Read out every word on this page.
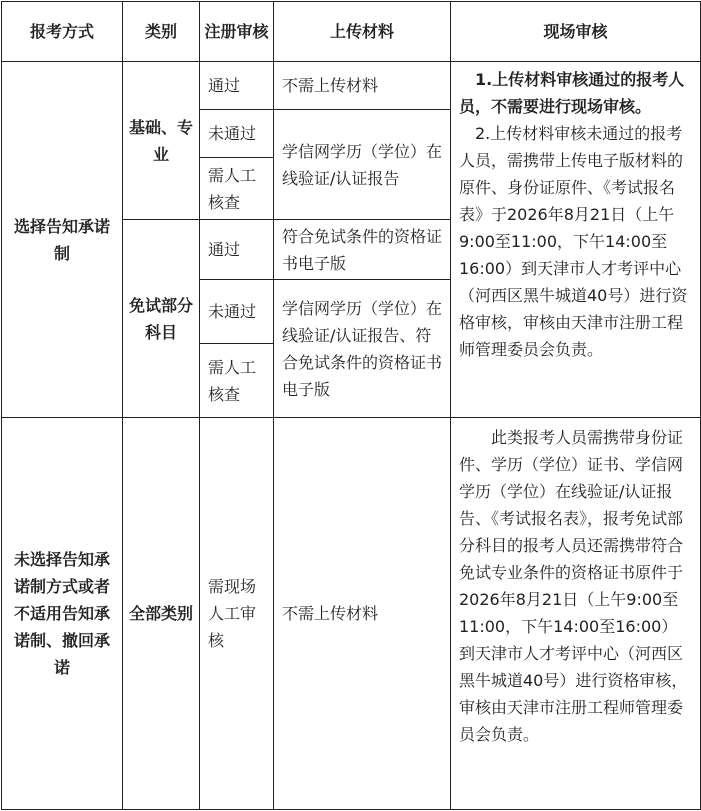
报考方式	类别	注册审核	上传材料	现场审核
选择告知承诺制	基础、专业	通过	不需上传材料	1.上传材料审核通过的报考人员，不需要进行现场审核。

2.上传材料审核未通过的报考人员，需携带上传电子版材料的原件、身份证原件、《考试报名表》于2026年8月21日（上午9:00至11:00，下午14:00至16:00）到天津市人才考评中心（河西区黑牛城道40号）进行资格审核，审核由天津市注册工程师管理委员会负责。

		未通过	学信网学历（学位）在线验证/认证报告	
		需人工核查		
	免试部分科目	通过	符合免试条件的资格证书电子版	
		未通过	学信网学历（学位）在线验证/认证报告、符合免试条件的资格证书电子版	
		需人工核查		
未选择告知承诺制方式或者不适用告知承诺制、撤回承诺	全部类别	需现场人工审核	不需上传材料	此类报考人员需携带身份证件、学历（学位）证书、学信网学历（学位）在线验证/认证报告、《考试报名表》，报考免试部分科目的报考人员还需携带符合免试专业条件的资格证书原件于2026年8月21日（上午9:00至11:00，下午14:00至16:00）到天津市人才考评中心（河西区黑牛城道40号）进行资格审核，审核由天津市注册工程师管理委员会负责。
